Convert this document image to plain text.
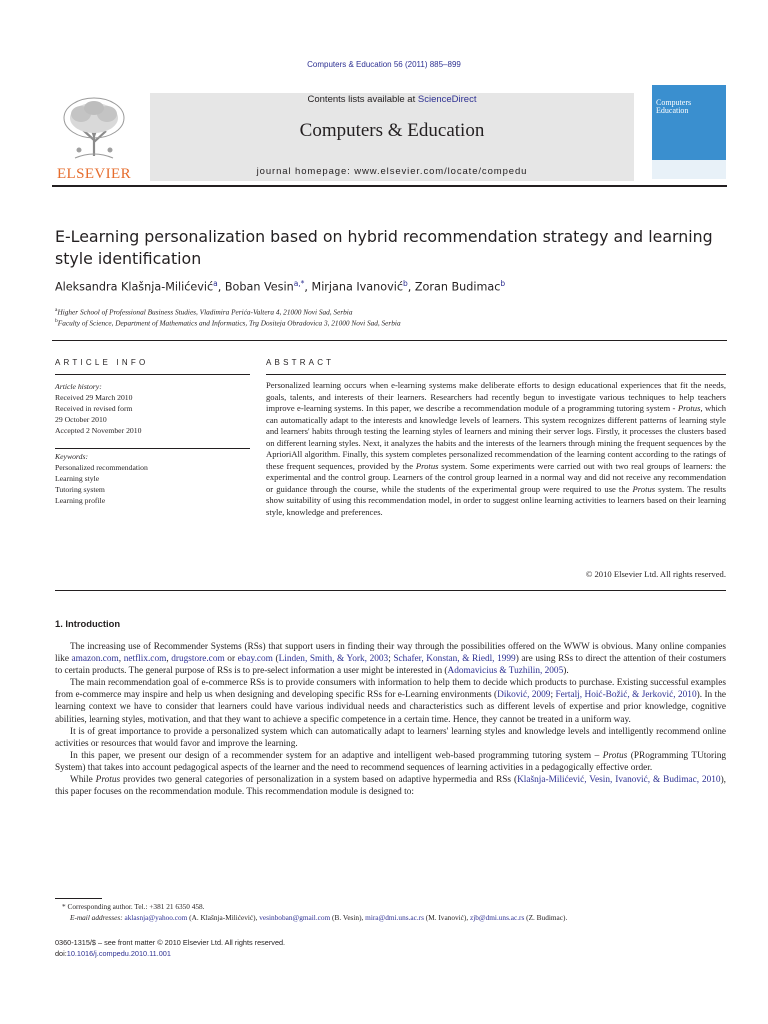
Computers & Education 56 (2011) 885–899
ELSEVIER
Contents lists available at ScienceDirect
Computers & Education
journal homepage: www.elsevier.com/locate/compedu
Computers
Education
E-Learning personalization based on hybrid recommendation strategy and learning style identification
Aleksandra Klašnja-Milićević$^a$, Boban Vesin$^{a,*}$, Mirjana Ivanović$^b$, Zoran Budimac$^b$
$^a$Higher School of Professional Business Studies, Vladimira Perića-Valtera 4, 21000 Novi Sad, Serbia
$^b$Faculty of Science, Department of Mathematics and Informatics, Trg Dositeja Obradovica 3, 21000 Novi Sad, Serbia
ARTICLE INFO
Article history:
Received 29 March 2010
Received in revised form
29 October 2010
Accepted 2 November 2010
Keywords:
Personalized recommendation
Learning style
Tutoring system
Learning profile
ABSTRACT
Personalized learning occurs when e-learning systems make deliberate efforts to design educational experiences that fit the needs, goals, talents, and interests of their learners. Researchers had recently begun to investigate various techniques to help teachers improve e-learning systems. In this paper, we describe a recommendation module of a programming tutoring system - Protus, which can automatically adapt to the interests and knowledge levels of learners. This system recognizes different patterns of learning style and learners' habits through testing the learning styles of learners and mining their server logs. Firstly, it processes the clusters based on different learning styles. Next, it analyzes the habits and the interests of the learners through mining the frequent sequences by the AprioriAll algorithm. Finally, this system completes personalized recommendation of the learning content according to the ratings of these frequent sequences, provided by the Protus system. Some experiments were carried out with two real groups of learners: the experimental and the control group. Learners of the control group learned in a normal way and did not receive any recommendation or guidance through the course, while the students of the experimental group were required to use the Protus system. The results show suitability of using this recommendation model, in order to suggest online learning activities to learners based on their learning style, knowledge and preferences.
© 2010 Elsevier Ltd. All rights reserved.
1. Introduction

The increasing use of Recommender Systems (RSs) that support users in finding their way through the possibilities offered on the WWW is obvious. Many online companies like amazon.com, netflix.com, drugstore.com or ebay.com (Linden, Smith, & York, 2003; Schafer, Konstan, & Riedl, 1999) are using RSs to direct the attention of their costumers to certain products. The general purpose of RSs is to pre-select information a user might be interested in (Adomavicius & Tuzhilin, 2005).

The main recommendation goal of e-commerce RSs is to provide consumers with information to help them to decide which products to purchase. Existing successful examples from e-commerce may inspire and help us when designing and developing specific RSs for e-Learning environments (Diković, 2009; Fertalj, Hoić-Božić, & Jerković, 2010). In the learning context we have to consider that learners could have various individual needs and characteristics such as different levels of expertise and prior knowledge, cognitive abilities, learning styles, motivation, and that they want to achieve a specific competence in a certain time. Hence, they cannot be treated in a uniform way.

It is of great importance to provide a personalized system which can automatically adapt to learners' learning styles and knowledge levels and intelligently recommend online activities or resources that would favor and improve the learning.

In this paper, we present our design of a recommender system for an adaptive and intelligent web-based programming tutoring system – Protus (PRogramming TUtoring System) that takes into account pedagogical aspects of the learner and the need to recommend sequences of learning activities in a pedagogically effective order.

While Protus provides two general categories of personalization in a system based on adaptive hypermedia and RSs (Klašnja-Milićević, Vesin, Ivanović, & Budimac, 2010), this paper focuses on the recommendation module. This recommendation module is designed to:

* Corresponding author. Tel.: +381 21 6350 458.
E-mail addresses: aklasnja@yahoo.com (A. Klašnja-Milićević), vesinboban@gmail.com (B. Vesin), mira@dmi.uns.ac.rs (M. Ivanović), zjb@dmi.uns.ac.rs (Z. Budimac).
0360-1315/$ – see front matter © 2010 Elsevier Ltd. All rights reserved.
doi:10.1016/j.compedu.2010.11.001
